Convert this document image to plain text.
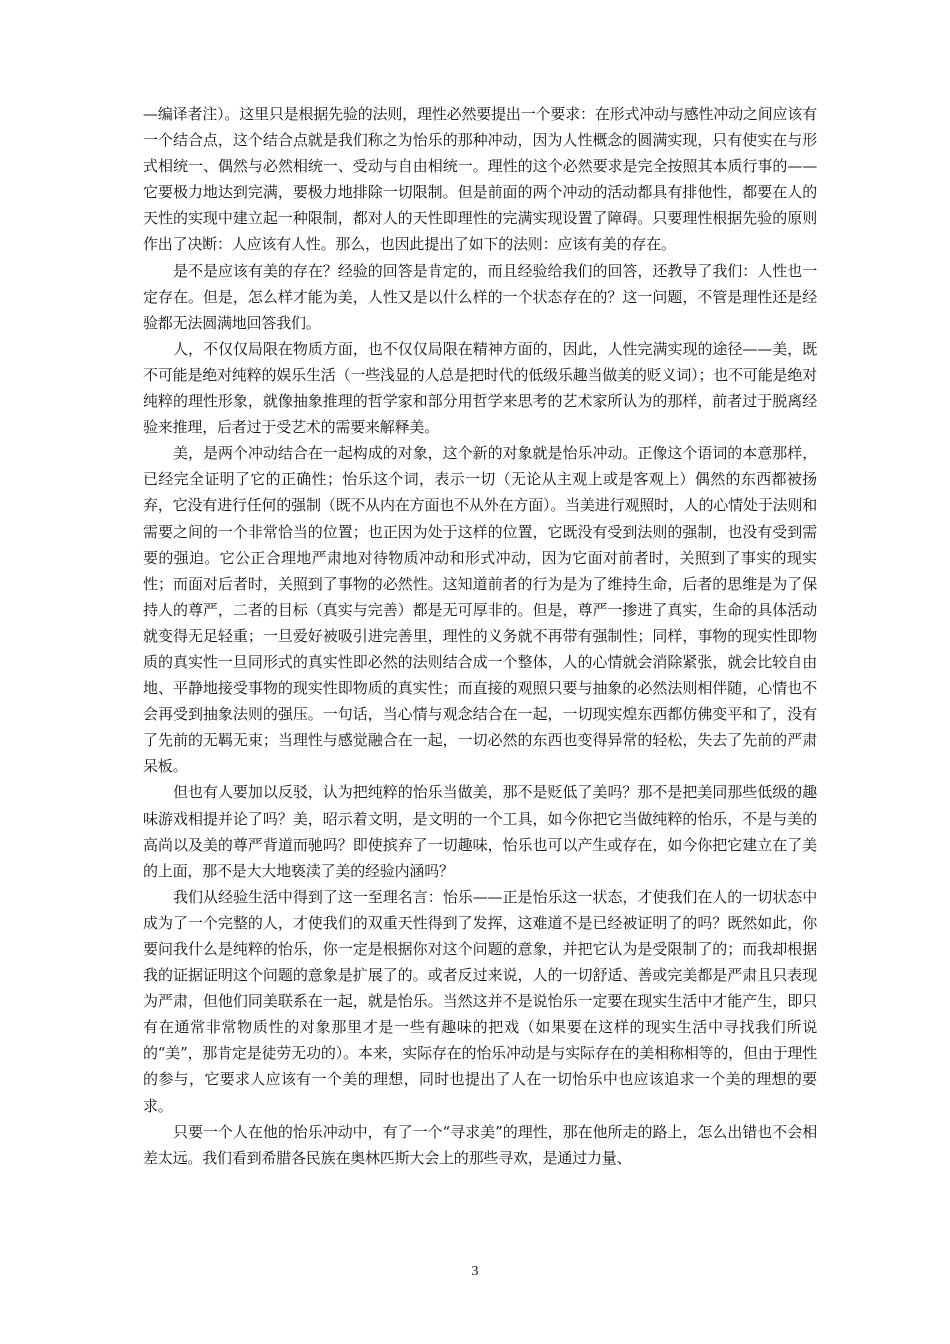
—编译者注）。这里只是根据先验的法则，理性必然要提出一个要求：在形式冲动与感性冲动之间应该有一个结合点，这个结合点就是我们称之为怡乐的那种冲动，因为人性概念的圆满实现，只有使实在与形式相统一、偶然与必然相统一、受动与自由相统一。理性的这个必然要求是完全按照其本质行事的——它要极力地达到完满，要极力地排除一切限制。但是前面的两个冲动的活动都具有排他性，都要在人的天性的实现中建立起一种限制，都对人的天性即理性的完满实现设置了障碍。只要理性根据先验的原则作出了决断：人应该有人性。那么，也因此提出了如下的法则：应该有美的存在。

是不是应该有美的存在？经验的回答是肯定的，而且经验给我们的回答，还教导了我们：人性也一定存在。但是，怎么样才能为美，人性又是以什么样的一个状态存在的？这一问题，不管是理性还是经验都无法圆满地回答我们。

人，不仅仅局限在物质方面，也不仅仅局限在精神方面的，因此，人性完满实现的途径——美，既不可能是绝对纯粹的娱乐生活（一些浅显的人总是把时代的低级乐趣当做美的贬义词）；也不可能是绝对纯粹的理性形象，就像抽象推理的哲学家和部分用哲学来思考的艺术家所认为的那样，前者过于脱离经验来推理，后者过于受艺术的需要来解释美。

美，是两个冲动结合在一起构成的对象，这个新的对象就是怡乐冲动。正像这个语词的本意那样，已经完全证明了它的正确性；怡乐这个词，表示一切（无论从主观上或是客观上）偶然的东西都被扬弃，它没有进行任何的强制（既不从内在方面也不从外在方面）。当美进行观照时，人的心情处于法则和需要之间的一个非常恰当的位置；也正因为处于这样的位置，它既没有受到法则的强制，也没有受到需要的强迫。它公正合理地严肃地对待物质冲动和形式冲动，因为它面对前者时，关照到了事实的现实性；而面对后者时，关照到了事物的必然性。这知道前者的行为是为了维持生命，后者的思维是为了保持人的尊严，二者的目标（真实与完善）都是无可厚非的。但是，尊严一掺进了真实，生命的具体活动就变得无足轻重；一旦爱好被吸引进完善里，理性的义务就不再带有强制性；同样，事物的现实性即物质的真实性一旦同形式的真实性即必然的法则结合成一个整体，人的心情就会消除紧张，就会比较自由地、平静地接受事物的现实性即物质的真实性；而直接的观照只要与抽象的必然法则相伴随，心情也不会再受到抽象法则的强压。一句话，当心情与观念结合在一起，一切现实煌东西都仿佛变平和了，没有了先前的无羁无束；当理性与感觉融合在一起，一切必然的东西也变得异常的轻松，失去了先前的严肃呆板。

但也有人要加以反驳，认为把纯粹的怡乐当做美，那不是贬低了美吗？那不是把美同那些低级的趣味游戏相提并论了吗？美，昭示着文明，是文明的一个工具，如今你把它当做纯粹的怡乐，不是与美的高尚以及美的尊严背道而驰吗？即使摈弃了一切趣味，怡乐也可以产生或存在，如今你把它建立在了美的上面，那不是大大地亵渎了美的经验内涵吗？

我们从经验生活中得到了这一至理名言：怡乐——正是怡乐这一状态，才使我们在人的一切状态中成为了一个完整的人，才使我们的双重天性得到了发挥，这难道不是已经被证明了的吗？既然如此，你要问我什么是纯粹的怡乐，你一定是根据你对这个问题的意象，并把它认为是受限制了的；而我却根据我的证据证明这个问题的意象是扩展了的。或者反过来说，人的一切舒适、善或完美都是严肃且只表现为严肃，但他们同美联系在一起，就是怡乐。当然这并不是说怡乐一定要在现实生活中才能产生，即只有在通常非常物质性的对象那里才是一些有趣味的把戏（如果要在这样的现实生活中寻找我们所说的“美”，那肯定是徒劳无功的）。本来，实际存在的怡乐冲动是与实际存在的美相称相等的，但由于理性的参与，它要求人应该有一个美的理想，同时也提出了人在一切怡乐中也应该追求一个美的理想的要求。

只要一个人在他的怡乐冲动中，有了一个“寻求美”的理性，那在他所走的路上，怎么出错也不会相差太远。我们看到希腊各民族在奥林匹斯大会上的那些寻欢，是通过力量、

3
